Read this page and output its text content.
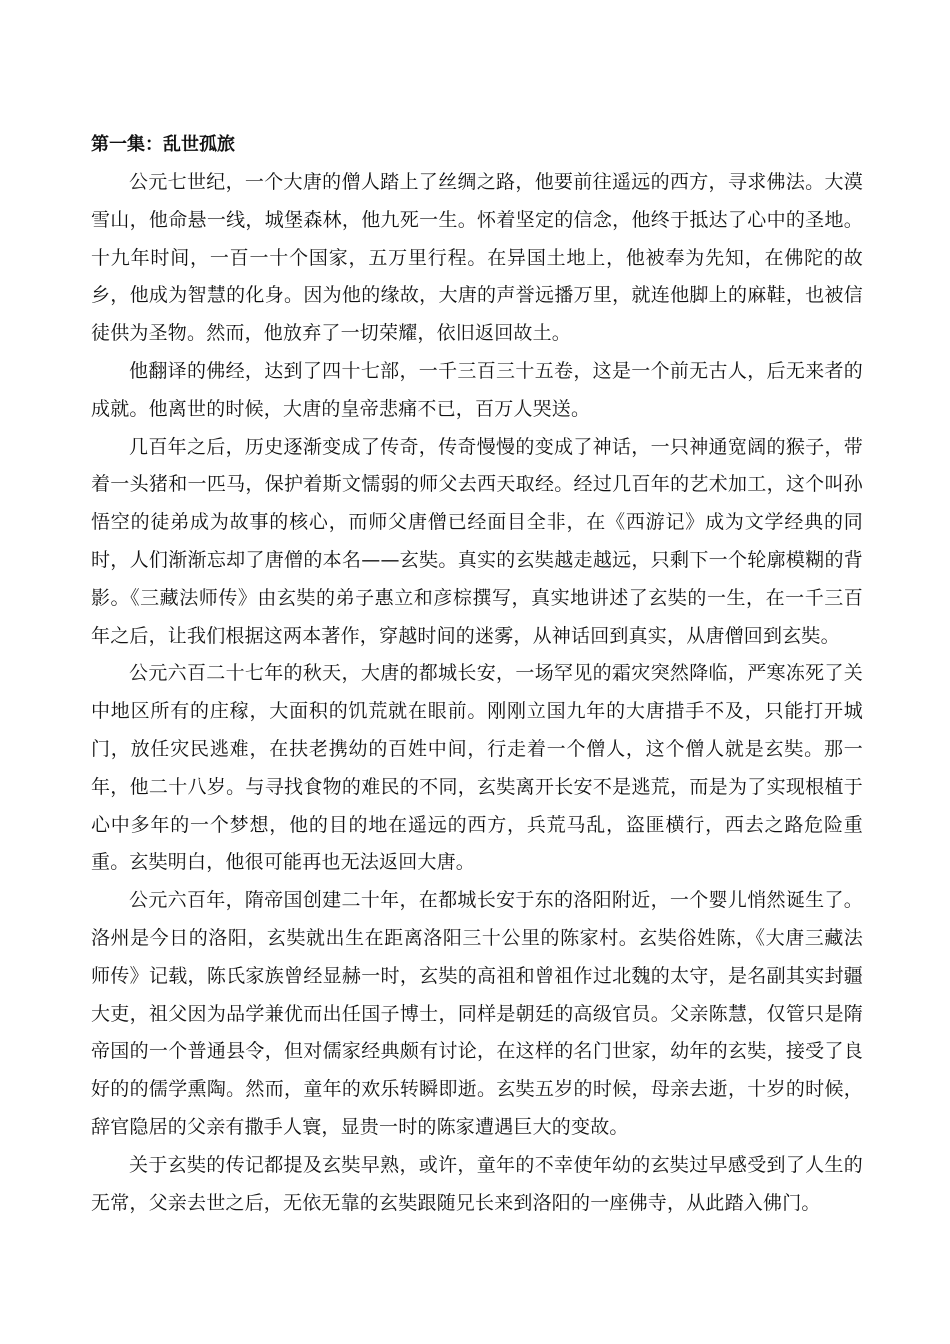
第一集：乱世孤旅

公元七世纪，一个大唐的僧人踏上了丝绸之路，他要前往遥远的西方，寻求佛法。大漠雪山，他命悬一线，城堡森林，他九死一生。怀着坚定的信念，他终于抵达了心中的圣地。十九年时间，一百一十个国家，五万里行程。在异国土地上，他被奉为先知，在佛陀的故乡，他成为智慧的化身。因为他的缘故，大唐的声誉远播万里，就连他脚上的麻鞋，也被信徒供为圣物。然而，他放弃了一切荣耀，依旧返回故土。

他翻译的佛经，达到了四十七部，一千三百三十五卷，这是一个前无古人，后无来者的成就。他离世的时候，大唐的皇帝悲痛不已，百万人哭送。

几百年之后，历史逐渐变成了传奇，传奇慢慢的变成了神话，一只神通宽阔的猴子，带着一头猪和一匹马，保护着斯文懦弱的师父去西天取经。经过几百年的艺术加工，这个叫孙悟空的徒弟成为故事的核心，而师父唐僧已经面目全非，在《西游记》成为文学经典的同时，人们渐渐忘却了唐僧的本名——玄奘。真实的玄奘越走越远，只剩下一个轮廓模糊的背影。《三藏法师传》由玄奘的弟子惠立和彦棕撰写，真实地讲述了玄奘的一生，在一千三百年之后，让我们根据这两本著作，穿越时间的迷雾，从神话回到真实，从唐僧回到玄奘。

公元六百二十七年的秋天，大唐的都城长安，一场罕见的霜灾突然降临，严寒冻死了关中地区所有的庄稼，大面积的饥荒就在眼前。刚刚立国九年的大唐措手不及，只能打开城门，放任灾民逃难，在扶老携幼的百姓中间，行走着一个僧人，这个僧人就是玄奘。那一年，他二十八岁。与寻找食物的难民的不同，玄奘离开长安不是逃荒，而是为了实现根植于心中多年的一个梦想，他的目的地在遥远的西方，兵荒马乱，盗匪横行，西去之路危险重重。玄奘明白，他很可能再也无法返回大唐。

公元六百年，隋帝国创建二十年，在都城长安于东的洛阳附近，一个婴儿悄然诞生了。洛州是今日的洛阳，玄奘就出生在距离洛阳三十公里的陈家村。玄奘俗姓陈，《大唐三藏法师传》记载，陈氏家族曾经显赫一时，玄奘的高祖和曾祖作过北魏的太守，是名副其实封疆大吏，祖父因为品学兼优而出任国子博士，同样是朝廷的高级官员。父亲陈慧，仅管只是隋帝国的一个普通县令，但对儒家经典颇有讨论，在这样的名门世家，幼年的玄奘，接受了良好的的儒学熏陶。然而，童年的欢乐转瞬即逝。玄奘五岁的时候，母亲去逝，十岁的时候，辞官隐居的父亲有撒手人寰，显贵一时的陈家遭遇巨大的变故。

关于玄奘的传记都提及玄奘早熟，或许，童年的不幸使年幼的玄奘过早感受到了人生的无常，父亲去世之后，无依无靠的玄奘跟随兄长来到洛阳的一座佛寺，从此踏入佛门。
